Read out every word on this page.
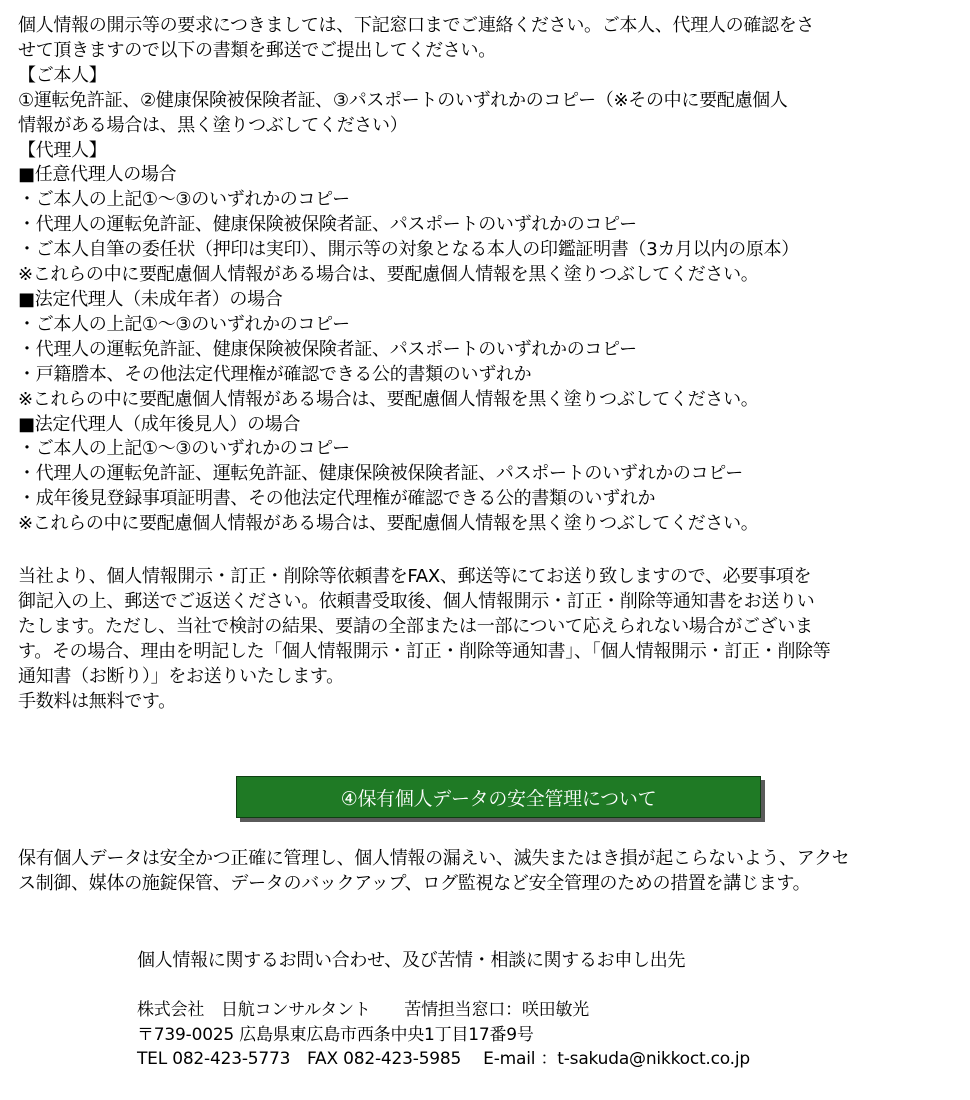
個人情報の開示等の要求につきましては、下記窓口までご連絡ください。ご本人、代理人の確認をさ
せて頂きますので以下の書類を郵送でご提出してください。
【ご本人】
①運転免許証、②健康保険被保険者証、③パスポートのいずれかのコピー（※その中に要配慮個人
情報がある場合は、黒く塗りつぶしてください）
【代理人】
■任意代理人の場合
・ご本人の上記①～③のいずれかのコピー
・代理人の運転免許証、健康保険被保険者証、パスポートのいずれかのコピー
・ご本人自筆の委任状（押印は実印）、開示等の対象となる本人の印鑑証明書（3カ月以内の原本）
※これらの中に要配慮個人情報がある場合は、要配慮個人情報を黒く塗りつぶしてください。
■法定代理人（未成年者）の場合
・ご本人の上記①～③のいずれかのコピー
・代理人の運転免許証、健康保険被保険者証、パスポートのいずれかのコピー
・戸籍謄本、その他法定代理権が確認できる公的書類のいずれか
※これらの中に要配慮個人情報がある場合は、要配慮個人情報を黒く塗りつぶしてください。
■法定代理人（成年後見人）の場合
・ご本人の上記①～③のいずれかのコピー
・代理人の運転免許証、運転免許証、健康保険被保険者証、パスポートのいずれかのコピー
・成年後見登録事項証明書、その他法定代理権が確認できる公的書類のいずれか
※これらの中に要配慮個人情報がある場合は、要配慮個人情報を黒く塗りつぶしてください。
当社より、個人情報開示・訂正・削除等依頼書をFAX、郵送等にてお送り致しますので、必要事項を
御記入の上、郵送でご返送ください。依頼書受取後、個人情報開示・訂正・削除等通知書をお送りい
たします。ただし、当社で検討の結果、要請の全部または一部について応えられない場合がございま
す。その場合、理由を明記した「個人情報開示・訂正・削除等通知書」、「個人情報開示・訂正・削除等
通知書（お断り）」をお送りいたします。
手数料は無料です。
④保有個人データの安全管理について
保有個人データは安全かつ正確に管理し、個人情報の漏えい、滅失またはき損が起こらないよう、アクセ
ス制御、媒体の施錠保管、データのバックアップ、ログ監視など安全管理のための措置を講じます。
個人情報に関するお問い合わせ、及び苦情・相談に関するお申し出先
株式会社　日航コンサルタント　　苦情担当窓口：咲田敏光
〒739-0025 広島県東広島市西条中央1丁目17番9号
TEL 082-423-5773　FAX 082-423-5985　 E-mail ：t-sakuda@nikkoct.co.jp
